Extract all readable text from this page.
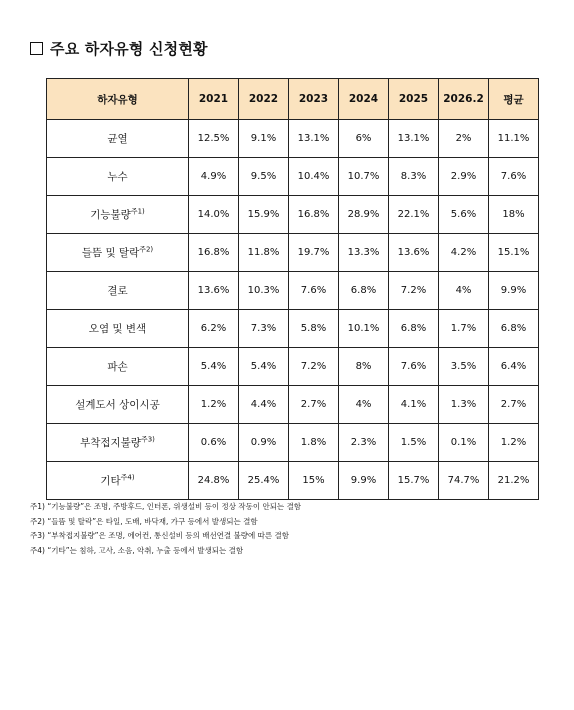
주요 하자유형 신청현황
하자유형	2021	2022	2023	2024	2025	2026.2	평균
균열	12.5%	9.1%	13.1%	6%	13.1%	2%	11.1%
누수	4.9%	9.5%	10.4%	10.7%	8.3%	2.9%	7.6%
기능불량$^{주1)}$	14.0%	15.9%	16.8%	28.9%	22.1%	5.6%	18%
들뜸 및 탈락$^{주2)}$	16.8%	11.8%	19.7%	13.3%	13.6%	4.2%	15.1%
결로	13.6%	10.3%	7.6%	6.8%	7.2%	4%	9.9%
오염 및 변색	6.2%	7.3%	5.8%	10.1%	6.8%	1.7%	6.8%
파손	5.4%	5.4%	7.2%	8%	7.6%	3.5%	6.4%
설계도서 상이시공	1.2%	4.4%	2.7%	4%	4.1%	1.3%	2.7%
부착접지불량$^{주3)}$	0.6%	0.9%	1.8%	2.3%	1.5%	0.1%	1.2%
기타$^{주4)}$	24.8%	25.4%	15%	9.9%	15.7%	74.7%	21.2%
주1) “기능불량”은 조명, 주방후드, 인터폰, 위생설비 등이 정상 작동이 안되는 결함
주2) “들뜸 및 탈락”은 타일, 도배, 바닥재, 가구 등에서 발생되는 결함
주3) “부착접지불량”은 조명, 에어컨, 통신설비 등의 배선연결 불량에 따른 결함
주4) “기타”는 침하, 고사, 소음, 악취, 누출 등에서 발생되는 결함
